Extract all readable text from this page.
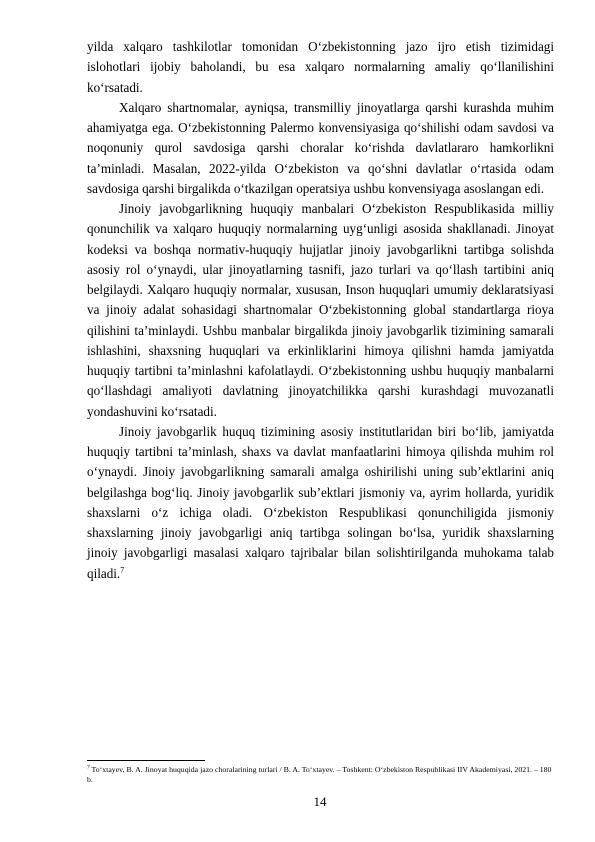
yilda xalqaro tashkilotlar tomonidan O‘zbekistonning jazo ijro etish tizimidagi islohotlari ijobiy baholandi, bu esa xalqaro normalarning amaliy qo‘llanilishini ko‘rsatadi.

Xalqaro shartnomalar, ayniqsa, transmilliy jinoyatlarga qarshi kurashda muhim ahamiyatga ega. O‘zbekistonning Palermo konvensiyasiga qo‘shilishi odam savdosi va noqonuniy qurol savdosiga qarshi choralar ko‘rishda davlatlararo hamkorlikni ta’minladi. Masalan, 2022-yilda O‘zbekiston va qo‘shni davlatlar o‘rtasida odam savdosiga qarshi birgalikda o‘tkazilgan operatsiya ushbu konvensiyaga asoslangan edi.

Jinoiy javobgarlikning huquqiy manbalari O‘zbekiston Respublikasida milliy qonunchilik va xalqaro huquqiy normalarning uyg‘unligi asosida shakllanadi. Jinoyat kodeksi va boshqa normativ-huquqiy hujjatlar jinoiy javobgarlikni tartibga solishda asosiy rol o‘ynaydi, ular jinoyatlarning tasnifi, jazo turlari va qo‘llash tartibini aniq belgilaydi. Xalqaro huquqiy normalar, xususan, Inson huquqlari umumiy deklaratsiyasi va jinoiy adalat sohasidagi shartnomalar O‘zbekistonning global standartlarga rioya qilishini ta’minlaydi. Ushbu manbalar birgalikda jinoiy javobgarlik tizimining samarali ishlashini, shaxsning huquqlari va erkinliklarini himoya qilishni hamda jamiyatda huquqiy tartibni ta’minlashni kafolatlaydi. O‘zbekistonning ushbu huquqiy manbalarni qo‘llashdagi amaliyoti davlatning jinoyatchilikka qarshi kurashdagi muvozanatli yondashuvini ko‘rsatadi.

Jinoiy javobgarlik huquq tizimining asosiy institutlaridan biri bo‘lib, jamiyatda huquqiy tartibni ta’minlash, shaxs va davlat manfaatlarini himoya qilishda muhim rol o‘ynaydi. Jinoiy javobgarlikning samarali amalga oshirilishi uning sub’ektlarini aniq belgilashga bog‘liq. Jinoiy javobgarlik sub’ektlari jismoniy va, ayrim hollarda, yuridik shaxslarni o‘z ichiga oladi. O‘zbekiston Respublikasi qonunchiligida jismoniy shaxslarning jinoiy javobgarligi aniq tartibga solingan bo‘lsa, yuridik shaxslarning jinoiy javobgarligi masalasi xalqaro tajribalar bilan solishtirilganda muhokama talab qiladi.$^7$

$^7$ To‘xtayev, B. A. Jinoyat huquqida jazo choralarining turlari / B. A. To‘xtayev. – Toshkent: O‘zbekiston Respublikasi IIV Akademiyasi, 2021. – 180 b.
14
